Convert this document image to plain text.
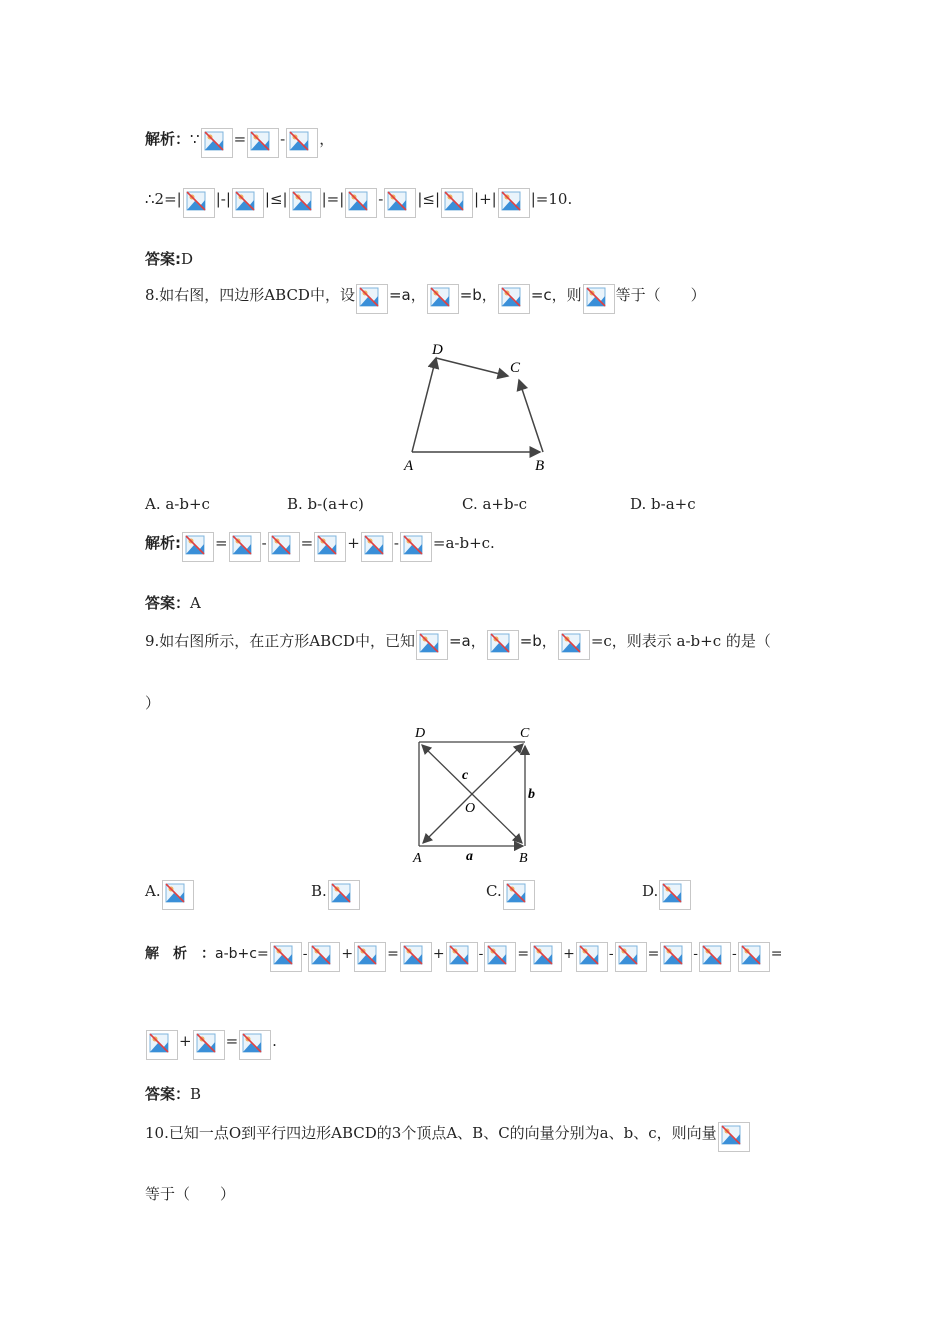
解析：∵ = - ，
∴2=| |-| |≤| |=| - |≤| |+| |=10.
答案:D
8.如右图，四边形ABCD中，设 =a， =b， =c，则 等于（　　）
D
C
A	B
A. a-b+c	B. b-(a+c)	C. a+b-c	D. b-a+c
解析: = - = + - =a-b+c.
答案：A
9.如右图所示，在正方形ABCD中，已知 =a， =b， =c，则表示 a-b+c 的是（
）
D	C
A	B
O
a
b
c
A.	B.	C.	D.
解　析　：a-b+c= - + = + - = + - = - - =
+ = .
答案：B
10.已知一点O到平行四边形ABCD的3个顶点A、B、C的向量分别为a、b、c，则向量
等于（　　）
